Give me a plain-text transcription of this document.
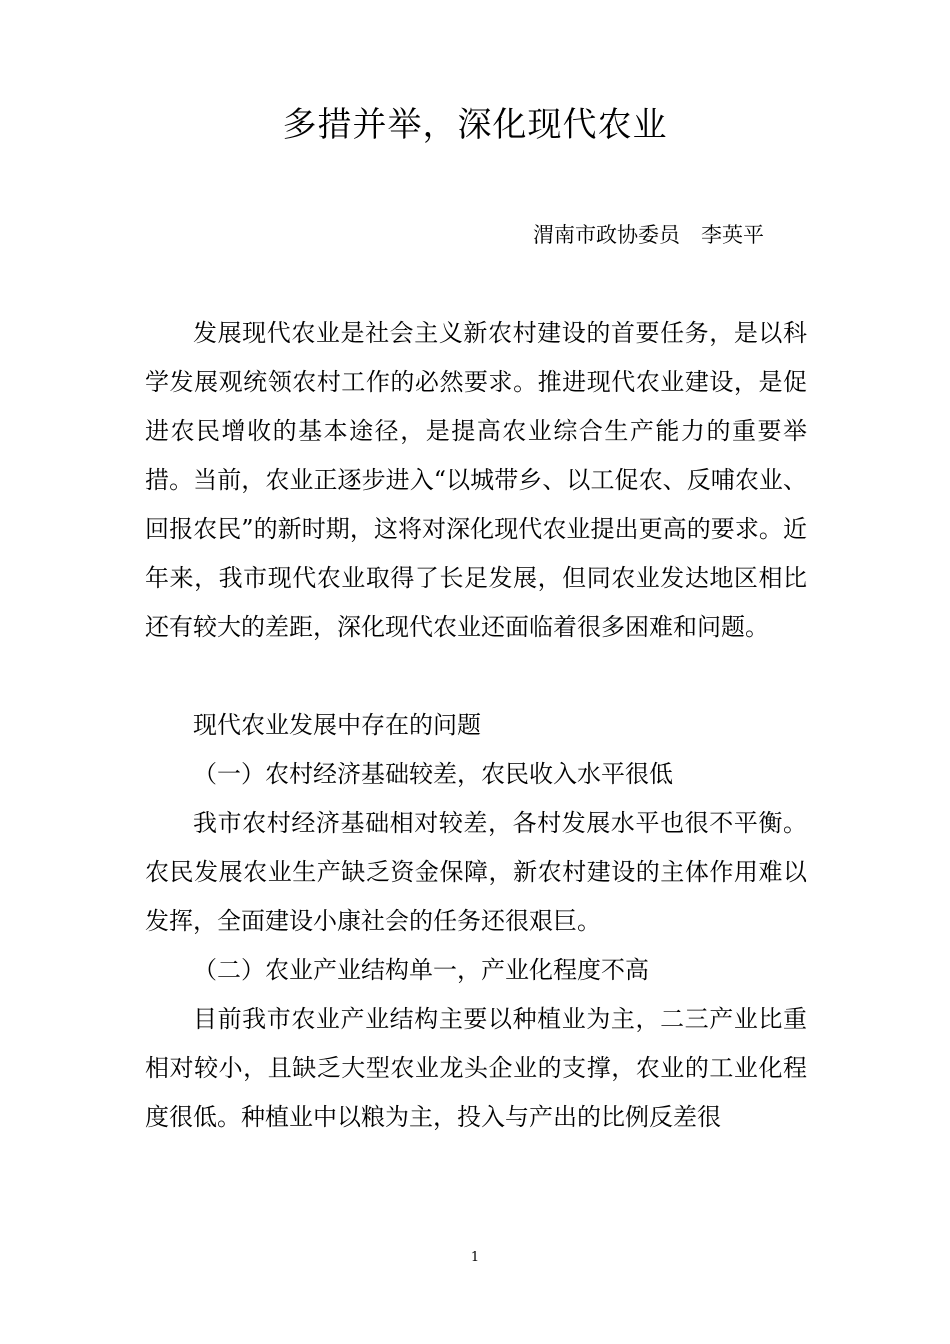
多措并举，深化现代农业
渭南市政协委员　李英平

发展现代农业是社会主义新农村建设的首要任务，是以科学发展观统领农村工作的必然要求。推进现代农业建设，是促进农民增收的基本途径，是提高农业综合生产能力的重要举措。当前，农业正逐步进入“以城带乡、以工促农、反哺农业、回报农民”的新时期，这将对深化现代农业提出更高的要求。近年来，我市现代农业取得了长足发展，但同农业发达地区相比还有较大的差距，深化现代农业还面临着很多困难和问题。

现代农业发展中存在的问题

（一）农村经济基础较差，农民收入水平很低

我市农村经济基础相对较差，各村发展水平也很不平衡。农民发展农业生产缺乏资金保障，新农村建设的主体作用难以发挥，全面建设小康社会的任务还很艰巨。

（二）农业产业结构单一，产业化程度不高

目前我市农业产业结构主要以种植业为主，二三产业比重相对较小，且缺乏大型农业龙头企业的支撑，农业的工业化程度很低。种植业中以粮为主，投入与产出的比例反差很

1
